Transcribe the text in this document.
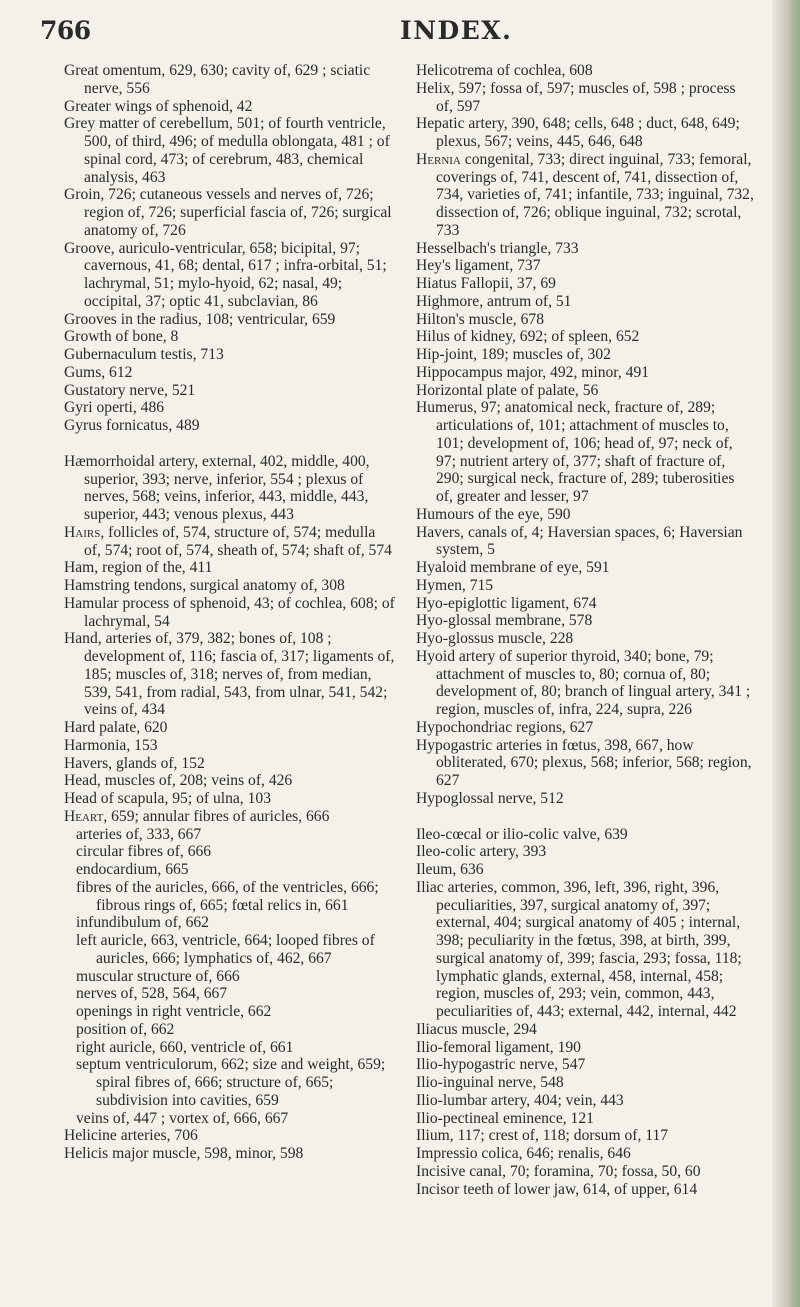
766	INDEX.
Great omentum, 629, 630; cavity of, 629 ; sciatic nerve, 556
Greater wings of sphenoid, 42
Grey matter of cerebellum, 501; of fourth ventricle, 500, of third, 496; of medulla oblongata, 481 ; of spinal cord, 473; of cerebrum, 483, chemical analysis, 463
Groin, 726; cutaneous vessels and nerves of, 726; region of, 726; superficial fascia of, 726; surgical anatomy of, 726
Groove, auriculo-ventricular, 658; bicipital, 97; cavernous, 41, 68; dental, 617 ; infra-orbital, 51; lachrymal, 51; mylo-hyoid, 62; nasal, 49; occipital, 37; optic 41, subclavian, 86
Grooves in the radius, 108; ventricular, 659
Growth of bone, 8
Gubernaculum testis, 713
Gums, 612
Gustatory nerve, 521
Gyri operti, 486
Gyrus fornicatus, 489
Hæmorrhoidal artery, external, 402, middle, 400, superior, 393; nerve, inferior, 554 ; plexus of nerves, 568; veins, inferior, 443, middle, 443, superior, 443; venous plexus, 443
Hairs, follicles of, 574, structure of, 574; medulla of, 574; root of, 574, sheath of, 574; shaft of, 574
Ham, region of the, 411
Hamstring tendons, surgical anatomy of, 308
Hamular process of sphenoid, 43; of cochlea, 608; of lachrymal, 54
Hand, arteries of, 379, 382; bones of, 108 ; development of, 116; fascia of, 317; ligaments of, 185; muscles of, 318; nerves of, from median, 539, 541, from radial, 543, from ulnar, 541, 542; veins of, 434
Hard palate, 620
Harmonia, 153
Havers, glands of, 152
Head, muscles of, 208; veins of, 426
Head of scapula, 95; of ulna, 103
Heart, 659; annular fibres of auricles, 666
arteries of, 333, 667
circular fibres of, 666
endocardium, 665
fibres of the auricles, 666, of the ventricles, 666; fibrous rings of, 665; fœtal relics in, 661
infundibulum of, 662
left auricle, 663, ventricle, 664; looped fibres of auricles, 666; lymphatics of, 462, 667
muscular structure of, 666
nerves of, 528, 564, 667
openings in right ventricle, 662
position of, 662
right auricle, 660, ventricle of, 661
septum ventriculorum, 662; size and weight, 659; spiral fibres of, 666; structure of, 665; subdivision into cavities, 659
veins of, 447 ; vortex of, 666, 667
Helicine arteries, 706
Helicis major muscle, 598, minor, 598
Helicotrema of cochlea, 608
Helix, 597; fossa of, 597; muscles of, 598 ; process of, 597
Hepatic artery, 390, 648; cells, 648 ; duct, 648, 649; plexus, 567; veins, 445, 646, 648
Hernia congenital, 733; direct inguinal, 733; femoral, coverings of, 741, descent of, 741, dissection of, 734, varieties of, 741; infantile, 733; inguinal, 732, dissection of, 726; oblique inguinal, 732; scrotal, 733
Hesselbach's triangle, 733
Hey's ligament, 737
Hiatus Fallopii, 37, 69
Highmore, antrum of, 51
Hilton's muscle, 678
Hilus of kidney, 692; of spleen, 652
Hip-joint, 189; muscles of, 302
Hippocampus major, 492, minor, 491
Horizontal plate of palate, 56
Humerus, 97; anatomical neck, fracture of, 289; articulations of, 101; attachment of muscles to, 101; development of, 106; head of, 97; neck of, 97; nutrient artery of, 377; shaft of fracture of, 290; surgical neck, fracture of, 289; tuberosities of, greater and lesser, 97
Humours of the eye, 590
Havers, canals of, 4; Haversian spaces, 6; Haversian system, 5
Hyaloid membrane of eye, 591
Hymen, 715
Hyo-epiglottic ligament, 674
Hyo-glossal membrane, 578
Hyo-glossus muscle, 228
Hyoid artery of superior thyroid, 340; bone, 79; attachment of muscles to, 80; cornua of, 80; development of, 80; branch of lingual artery, 341 ; region, muscles of, infra, 224, supra, 226
Hypochondriac regions, 627
Hypogastric arteries in fœtus, 398, 667, how obliterated, 670; plexus, 568; inferior, 568; region, 627
Hypoglossal nerve, 512
Ileo-cœcal or ilio-colic valve, 639
Ileo-colic artery, 393
Ileum, 636
Iliac arteries, common, 396, left, 396, right, 396, peculiarities, 397, surgical anatomy of, 397; external, 404; surgical anatomy of 405 ; internal, 398; peculiarity in the fœtus, 398, at birth, 399, surgical anatomy of, 399; fascia, 293; fossa, 118; lymphatic glands, external, 458, internal, 458; region, muscles of, 293; vein, common, 443, peculiarities of, 443; external, 442, internal, 442
Iliacus muscle, 294
Ilio-femoral ligament, 190
Ilio-hypogastric nerve, 547
Ilio-inguinal nerve, 548
Ilio-lumbar artery, 404; vein, 443
Ilio-pectineal eminence, 121
Ilium, 117; crest of, 118; dorsum of, 117
Impressio colica, 646; renalis, 646
Incisive canal, 70; foramina, 70; fossa, 50, 60
Incisor teeth of lower jaw, 614, of upper, 614
